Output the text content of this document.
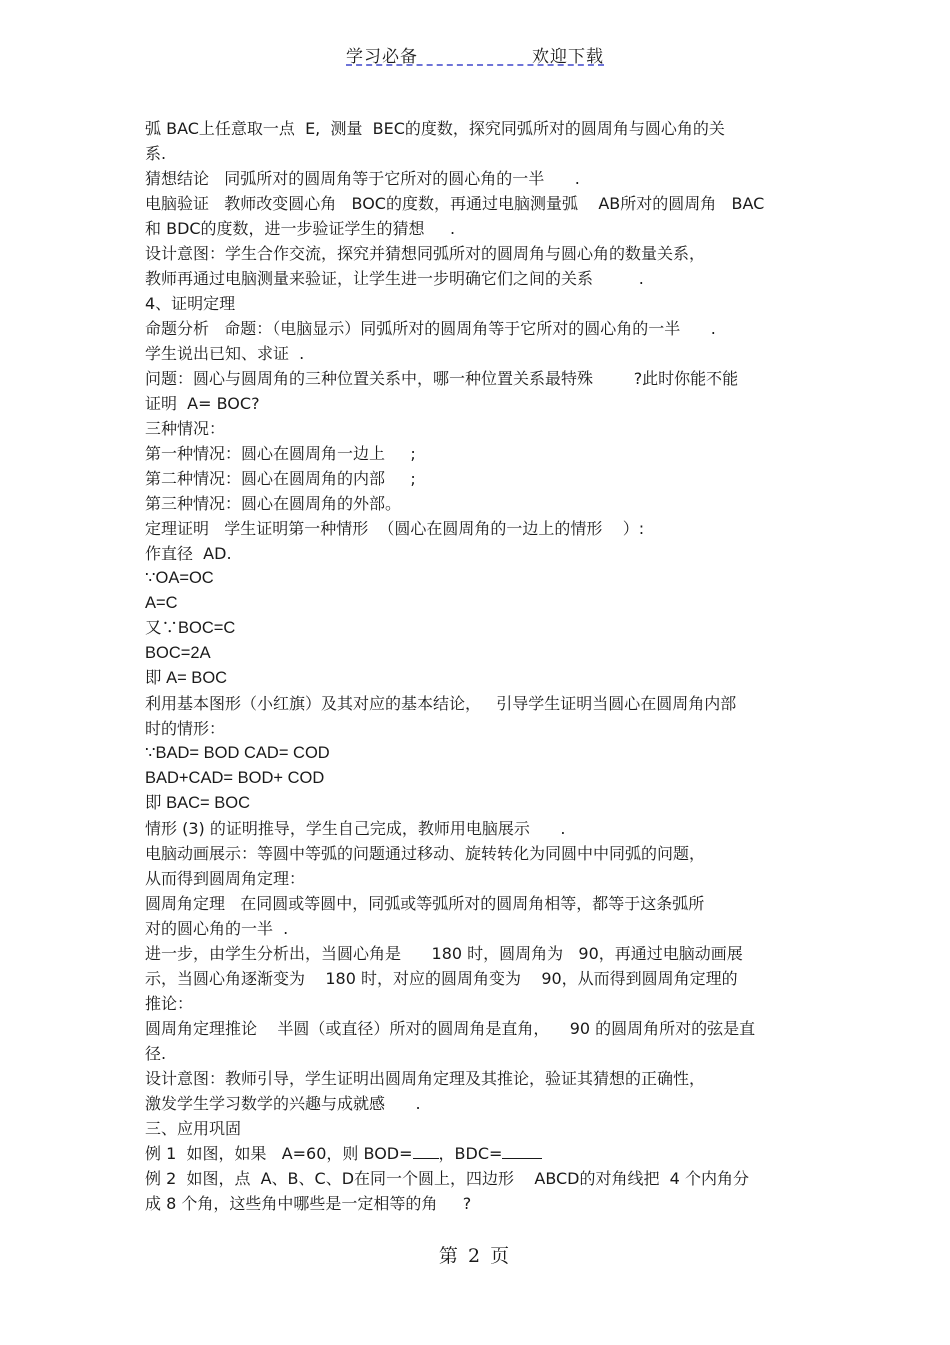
学习必备	欢迎下载
弧 BAC上任意取一点  E,  测量  BEC的度数，探究同弧所对的圆周角与圆心角的关
系.
猜想结论   同弧所对的圆周角等于它所对的圆心角的一半      .
电脑验证   教师改变圆心角   BOC的度数，再通过电脑测量弧    AB所对的圆周角   BAC
和 BDC的度数，进一步验证学生的猜想     .
设计意图：学生合作交流，探究并猜想同弧所对的圆周角与圆心角的数量关系，
教师再通过电脑测量来验证，让学生进一步明确它们之间的关系         .
4、证明定理
命题分析   命题：（电脑显示）同弧所对的圆周角等于它所对的圆心角的一半      .
学生说出已知、求证  .
问题：圆心与圆周角的三种位置关系中，哪一种位置关系最特殊        ?此时你能不能
证明  A= BOC?
三种情况：
第一种情况：圆心在圆周角一边上     ;
第二种情况：圆心在圆周角的内部     ;
第三种情况：圆心在圆周角的外部。
定理证明   学生证明第一种情形  （圆心在圆周角的一边上的情形    ）:
作直径  AD.
∵OA=OC
A=C
又∵BOC=C
BOC=2A
即 A= BOC
利用基本图形（小红旗）及其对应的基本结论，   引导学生证明当圆心在圆周角内部
时的情形：
∵BAD= BOD CAD= COD
BAD+CAD= BOD+ COD
即 BAC= BOC
情形 (3) 的证明推导，学生自己完成，教师用电脑展示      .
电脑动画展示：等圆中等弧的问题通过移动、旋转转化为同圆中中同弧的问题，
从而得到圆周角定理：
圆周角定理   在同圆或等圆中，同弧或等弧所对的圆周角相等，都等于这条弧所
对的圆心角的一半  .
进一步，由学生分析出，当圆心角是      180 时，圆周角为   90，再通过电脑动画展
示，当圆心角逐渐变为    180 时，对应的圆周角变为    90，从而得到圆周角定理的
推论：
圆周角定理推论    半圆（或直径）所对的圆周角是直角，    90 的圆周角所对的弦是直
径.
设计意图：教师引导，学生证明出圆周角定理及其推论，验证其猜想的正确性，
激发学生学习数学的兴趣与成就感      .
三、应用巩固
例 1  如图，如果   A=60，则 BOD= ，BDC=
例 2  如图，点  A、B、C、D在同一个圆上，四边形    ABCD的对角线把  4 个内角分
成 8 个角，这些角中哪些是一定相等的角     ?
第 2 页
